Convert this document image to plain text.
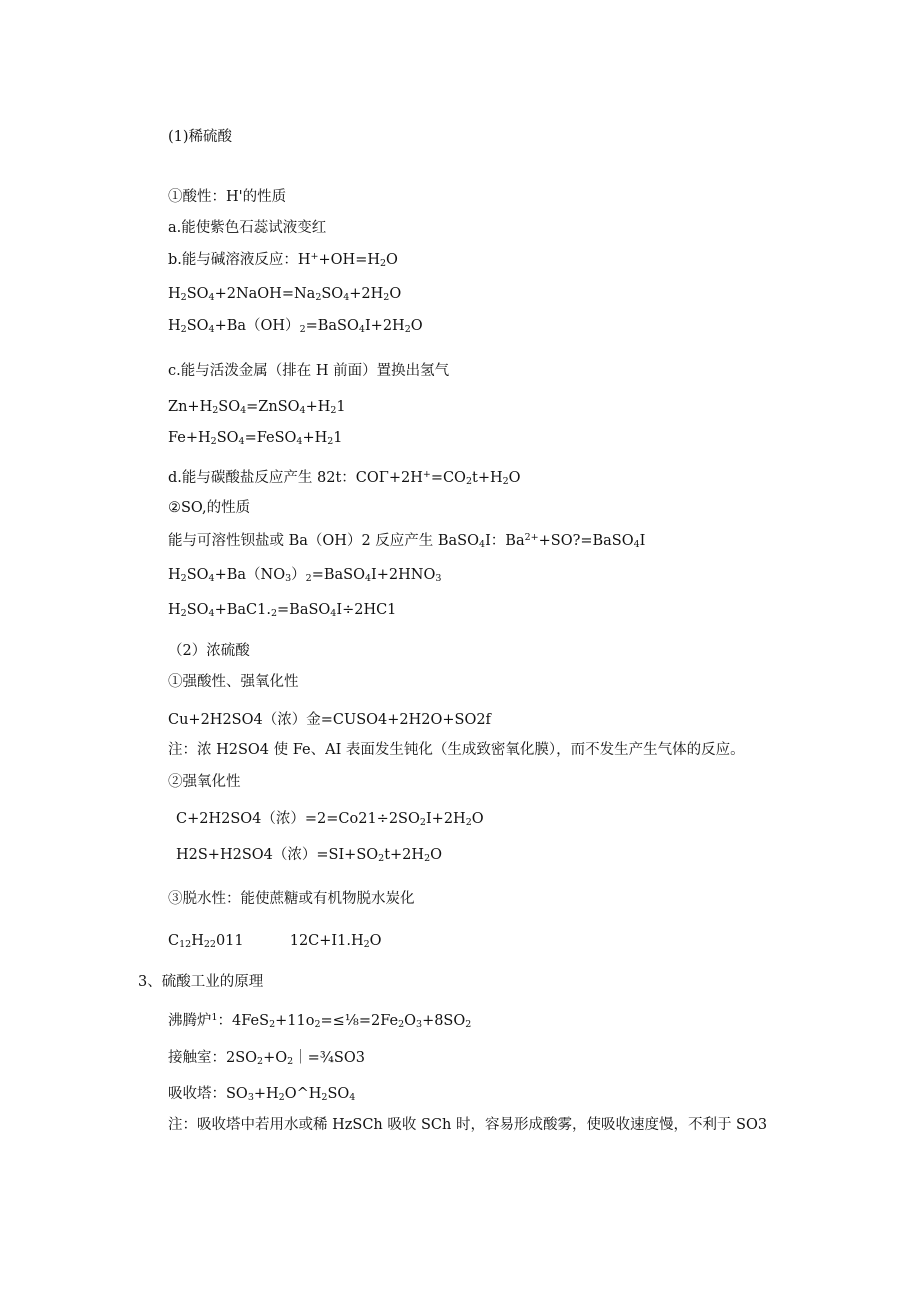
(1)稀硫酸
①酸性：H'的性质
a.能使紫色石蕊试液变红
b.能与碱溶液反应：$H^++OH=H_2O$
$H_2SO_4+2NaOH=Na_2SO_4+2H_2O$
$H_2SO_4+Ba(OH)_2=BaSO_4I+2H_2O$
c.能与活泼金属（排在 H 前面）置换出氢气
$Zn+H_2SO_4=ZnSO_4+H_21$
$Fe+H_2SO_4=FeSO_4+H_21$
d.能与碳酸盐反应产生 82t：$CO\Gamma+2H^+=CO_2t+H_2O$
②SO,的性质
能与可溶性钡盐或 Ba（OH）2 反应产生 BaSO$_4$I：$Ba^{2+}+SO?=BaSO_4I$
$H_2SO_4+Ba(NO_3)_2=BaSO_4I+2HNO_3$
$H_2SO_4+BaC1._2=BaSO_4I\div 2HC1$
（2）浓硫酸
①强酸性、强氧化性
Cu+2H2SO4（浓）金=CUSO4+2H2O+SO2f
注：浓 H2SO4 使 Fe、AI 表面发生钝化（生成致密氧化膜），而不发生产生气体的反应。
②强氧化性
C+2H2SO4（浓）$=2=Co21\div 2SO_2I+2H_2O$
H2S+H2SO4（浓）$=SI+SO_2t+2H_2O$
③脱水性：能使蔗糖或有机物脱水炭化
$C_{12}H_{22}011$          $12C+I1.H_2O$
3、硫酸工业的原理
沸腾炉$^1$：$4FeS_2+11o_2=\le\frac{1}{8}=2Fe_2O_3+8SO_2$
接触室：$2SO_2+O_2|=\frac{3}{4}SO3$
吸收塔：$SO_3+H_2O\^{}H_2SO_4$
注：吸收塔中若用水或稀 HzSCh 吸收 SCh 时，容易形成酸雾，使吸收速度慢，不利于 SO3
